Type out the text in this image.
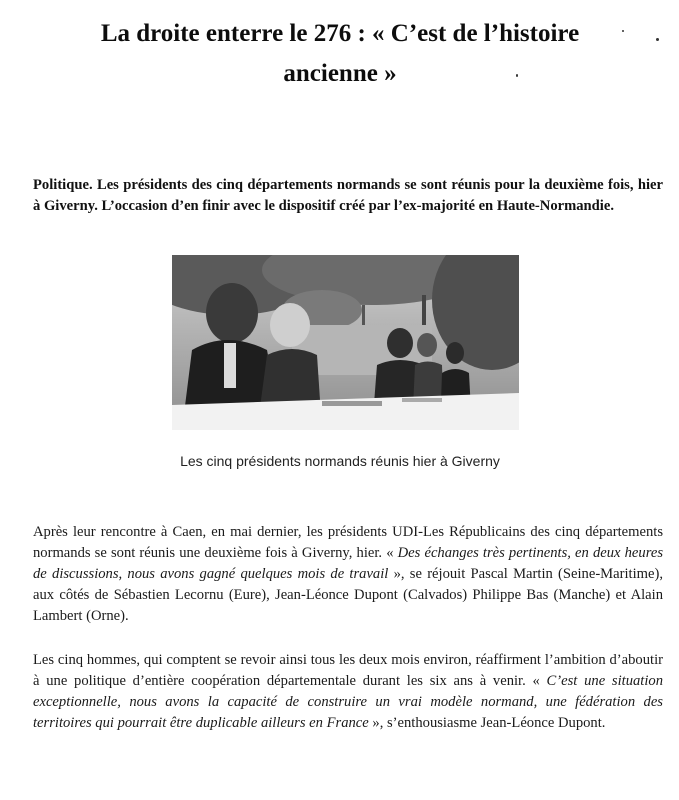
La droite enterre le 276 : « C’est de l’histoire
ancienne »

Politique. Les présidents des cinq départements normands se sont réunis pour la deuxième fois, hier à Giverny. L’occasion d’en finir avec le dispositif créé par l’ex-majorité en Haute-Normandie.

Les cinq présidents normands réunis hier à Giverny

Après leur rencontre à Caen, en mai dernier, les présidents UDI-Les Républicains des cinq départements normands se sont réunis une deuxième fois à Giverny, hier. « Des échanges très pertinents, en deux heures de discussions, nous avons gagné quelques mois de travail », se réjouit Pascal Martin (Seine-Maritime), aux côtés de Sébastien Lecornu (Eure), Jean-Léonce Dupont (Calvados) Philippe Bas (Manche) et Alain Lambert (Orne).

Les cinq hommes, qui comptent se revoir ainsi tous les deux mois environ, réaffirment l’ambition d’aboutir à une politique d’entière coopération départementale durant les six ans à venir. « C’est une situation exceptionnelle, nous avons la capacité de construire un vrai modèle normand, une fédération des territoires qui pourrait être duplicable ailleurs en France », s’enthousiasme Jean-Léonce Dupont.
